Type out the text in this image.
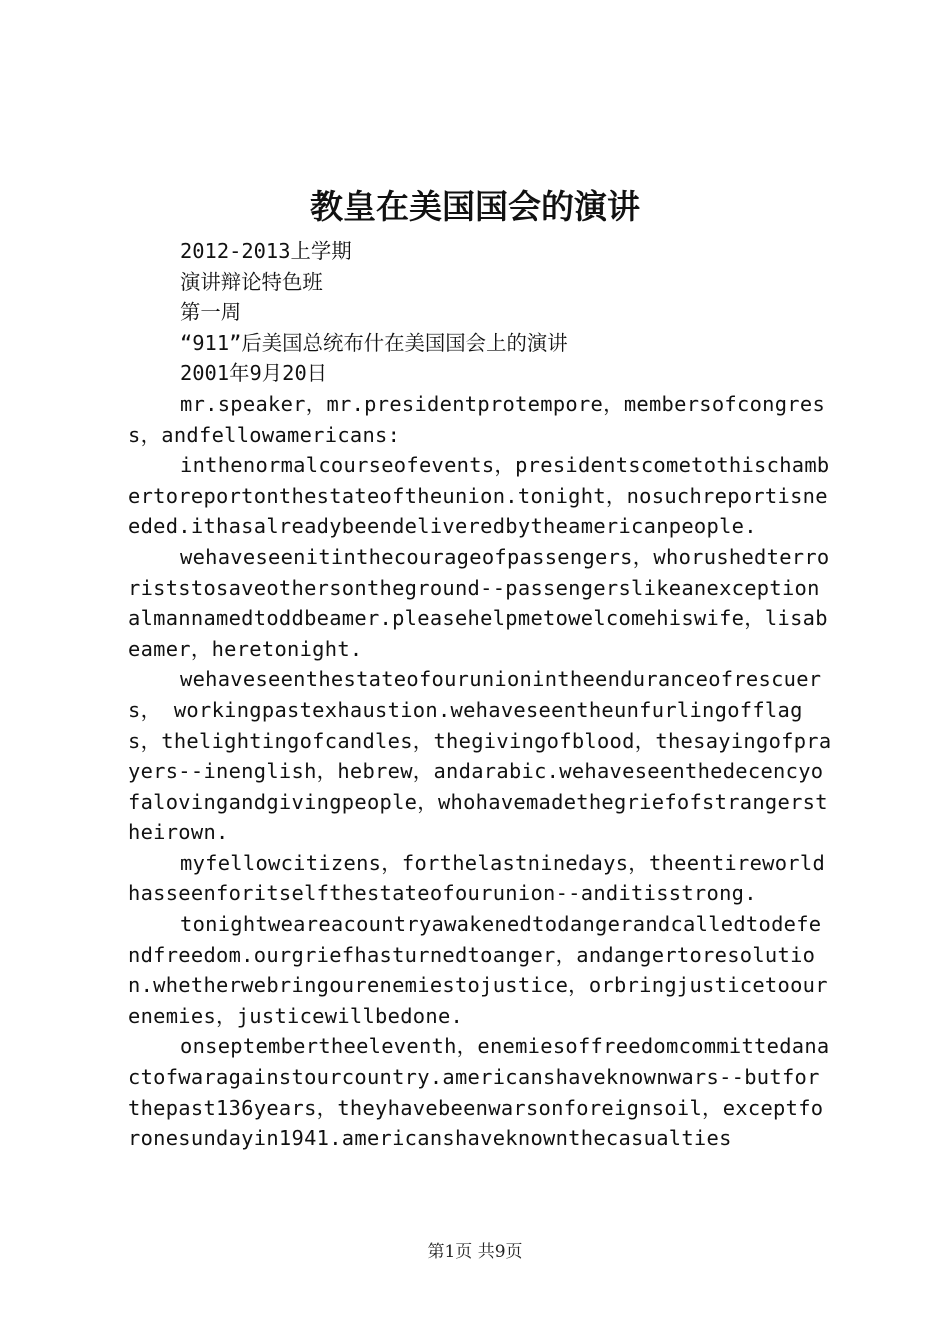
教皇在美国国会的演讲
2012-2013上学期
演讲辩论特色班
第一周
“911”后美国总统布什在美国国会上的演讲
2001年9月20日

mr.speaker，mr.presidentprotempore，membersofcongress，andfellowamericans:

inthenormalcourseofevents，presidentscometothischambertoreportonthestateoftheunion.tonight，nosuchreportisneeded.ithasalreadybeendeliveredbytheamericanpeople.

wehaveseenitinthecourageofpassengers，whorushedterroriststosaveothersontheground--passengerslikeanexceptionalmannamedtoddbeamer.pleasehelpmetowelcomehiswife，lisabeamer，heretonight.

wehaveseenthestateofourunionintheenduranceofrescuers， workingpastexhaustion.wehaveseentheunfurlingofflags，thelightingofcandles，thegivingofblood，thesayingofprayers--inenglish，hebrew，andarabic.wehaveseenthedecencyofalovingandgivingpeople，whohavemadethegriefofstrangerstheirown.

myfellowcitizens，forthelastninedays，theentireworldhasseenforitselfthestateofourunion--anditisstrong.

tonightweareacountryawakenedtodangerandcalledtodefendfreedom.ourgriefhasturnedtoanger，andangertoresolution.whetherwebringourenemiestojustice，orbringjusticetoourenemies，justicewillbedone.

onseptembertheeleventh，enemiesoffreedomcommittedanactofwaragainstourcountry.americanshaveknownwars--butforthepast136years，theyhavebeenwarsonforeignsoil，exceptforonesundayin1941.americanshaveknownthecasualties

第1页 共9页
